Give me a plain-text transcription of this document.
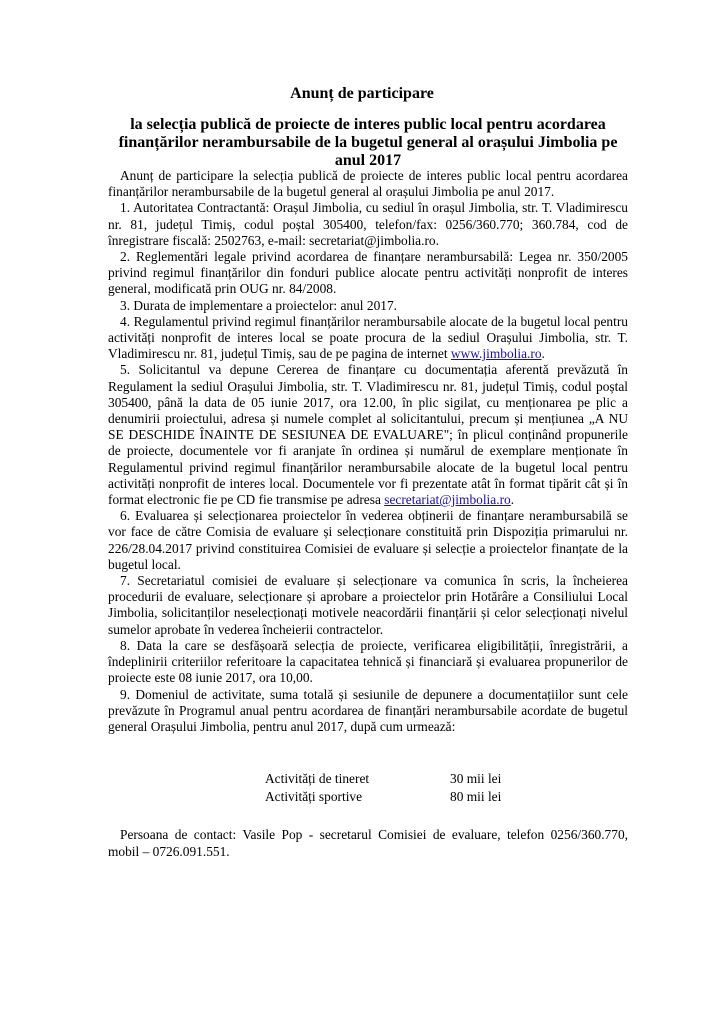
Anunț de participare
la selecția publică de proiecte de interes public local pentru acordarea finanțărilor nerambursabile de la bugetul general al orașului Jimbolia pe anul 2017

Anunț de participare la selecția publică de proiecte de interes public local pentru acordarea finanțărilor nerambursabile de la bugetul general al orașului Jimbolia pe anul 2017.

1. Autoritatea Contractantă: Orașul Jimbolia, cu sediul în orașul Jimbolia, str. T. Vladimirescu nr. 81, județul Timiș, codul poștal 305400, telefon/fax: 0256/360.770; 360.784, cod de înregistrare fiscală: 2502763, e-mail: secretariat@jimbolia.ro.

2. Reglementări legale privind acordarea de finanțare nerambursabilă: Legea nr. 350/2005 privind regimul finanțărilor din fonduri publice alocate pentru activități nonprofit de interes general, modificată prin OUG nr. 84/2008.

3. Durata de implementare a proiectelor: anul 2017.

4. Regulamentul privind regimul finanțărilor nerambursabile alocate de la bugetul local pentru activități nonprofit de interes local se poate procura de la sediul Orașului Jimbolia, str. T. Vladimirescu nr. 81, județul Timiș, sau de pe pagina de internet www.jimbolia.ro.

5. Solicitantul va depune Cererea de finanțare cu documentația aferentă prevăzută în Regulament la sediul Orașului Jimbolia, str. T. Vladimirescu nr. 81, județul Timiș, codul poștal 305400, până la data de 05 iunie 2017, ora 12.00, în plic sigilat, cu menționarea pe plic a denumirii proiectului, adresa și numele complet al solicitantului, precum și mențiunea „A NU SE DESCHIDE ÎNAINTE DE SESIUNEA DE EVALUARE"; în plicul conținând propunerile de proiecte, documentele vor fi aranjate în ordinea și numărul de exemplare menționate în Regulamentul privind regimul finanțărilor nerambursabile alocate de la bugetul local pentru activități nonprofit de interes local. Documentele vor fi prezentate atât în format tipărit cât și în format electronic fie pe CD fie transmise pe adresa secretariat@jimbolia.ro.

6. Evaluarea și selecționarea proiectelor în vederea obținerii de finanțare nerambursabilă se vor face de către Comisia de evaluare și selecționare constituită prin Dispoziția primarului nr. 226/28.04.2017 privind constituirea Comisiei de evaluare și selecție a proiectelor finanțate de la bugetul local.

7. Secretariatul comisiei de evaluare și selecționare va comunica în scris, la încheierea procedurii de evaluare, selecționare și aprobare a proiectelor prin Hotărâre a Consiliului Local Jimbolia, solicitanților neselecționați motivele neacordării finanțării și celor selecționați nivelul sumelor aprobate în vederea încheierii contractelor.

8. Data la care se desfășoară selecția de proiecte, verificarea eligibilității, înregistrării, a îndeplinirii criteriilor referitoare la capacitatea tehnică și financiară și evaluarea propunerilor de proiecte este 08 iunie 2017, ora 10,00.

9. Domeniul de activitate, suma totală și sesiunile de depunere a documentațiilor sunt cele prevăzute în Programul anual pentru acordarea de finanțări nerambursabile acordate de bugetul general Orașului Jimbolia, pentru anul 2017, după cum urmează:

Activități de tineret	30 mii lei
Activități sportive	80 mii lei

Persoana de contact: Vasile Pop - secretarul Comisiei de evaluare, telefon 0256/360.770, mobil – 0726.091.551.
